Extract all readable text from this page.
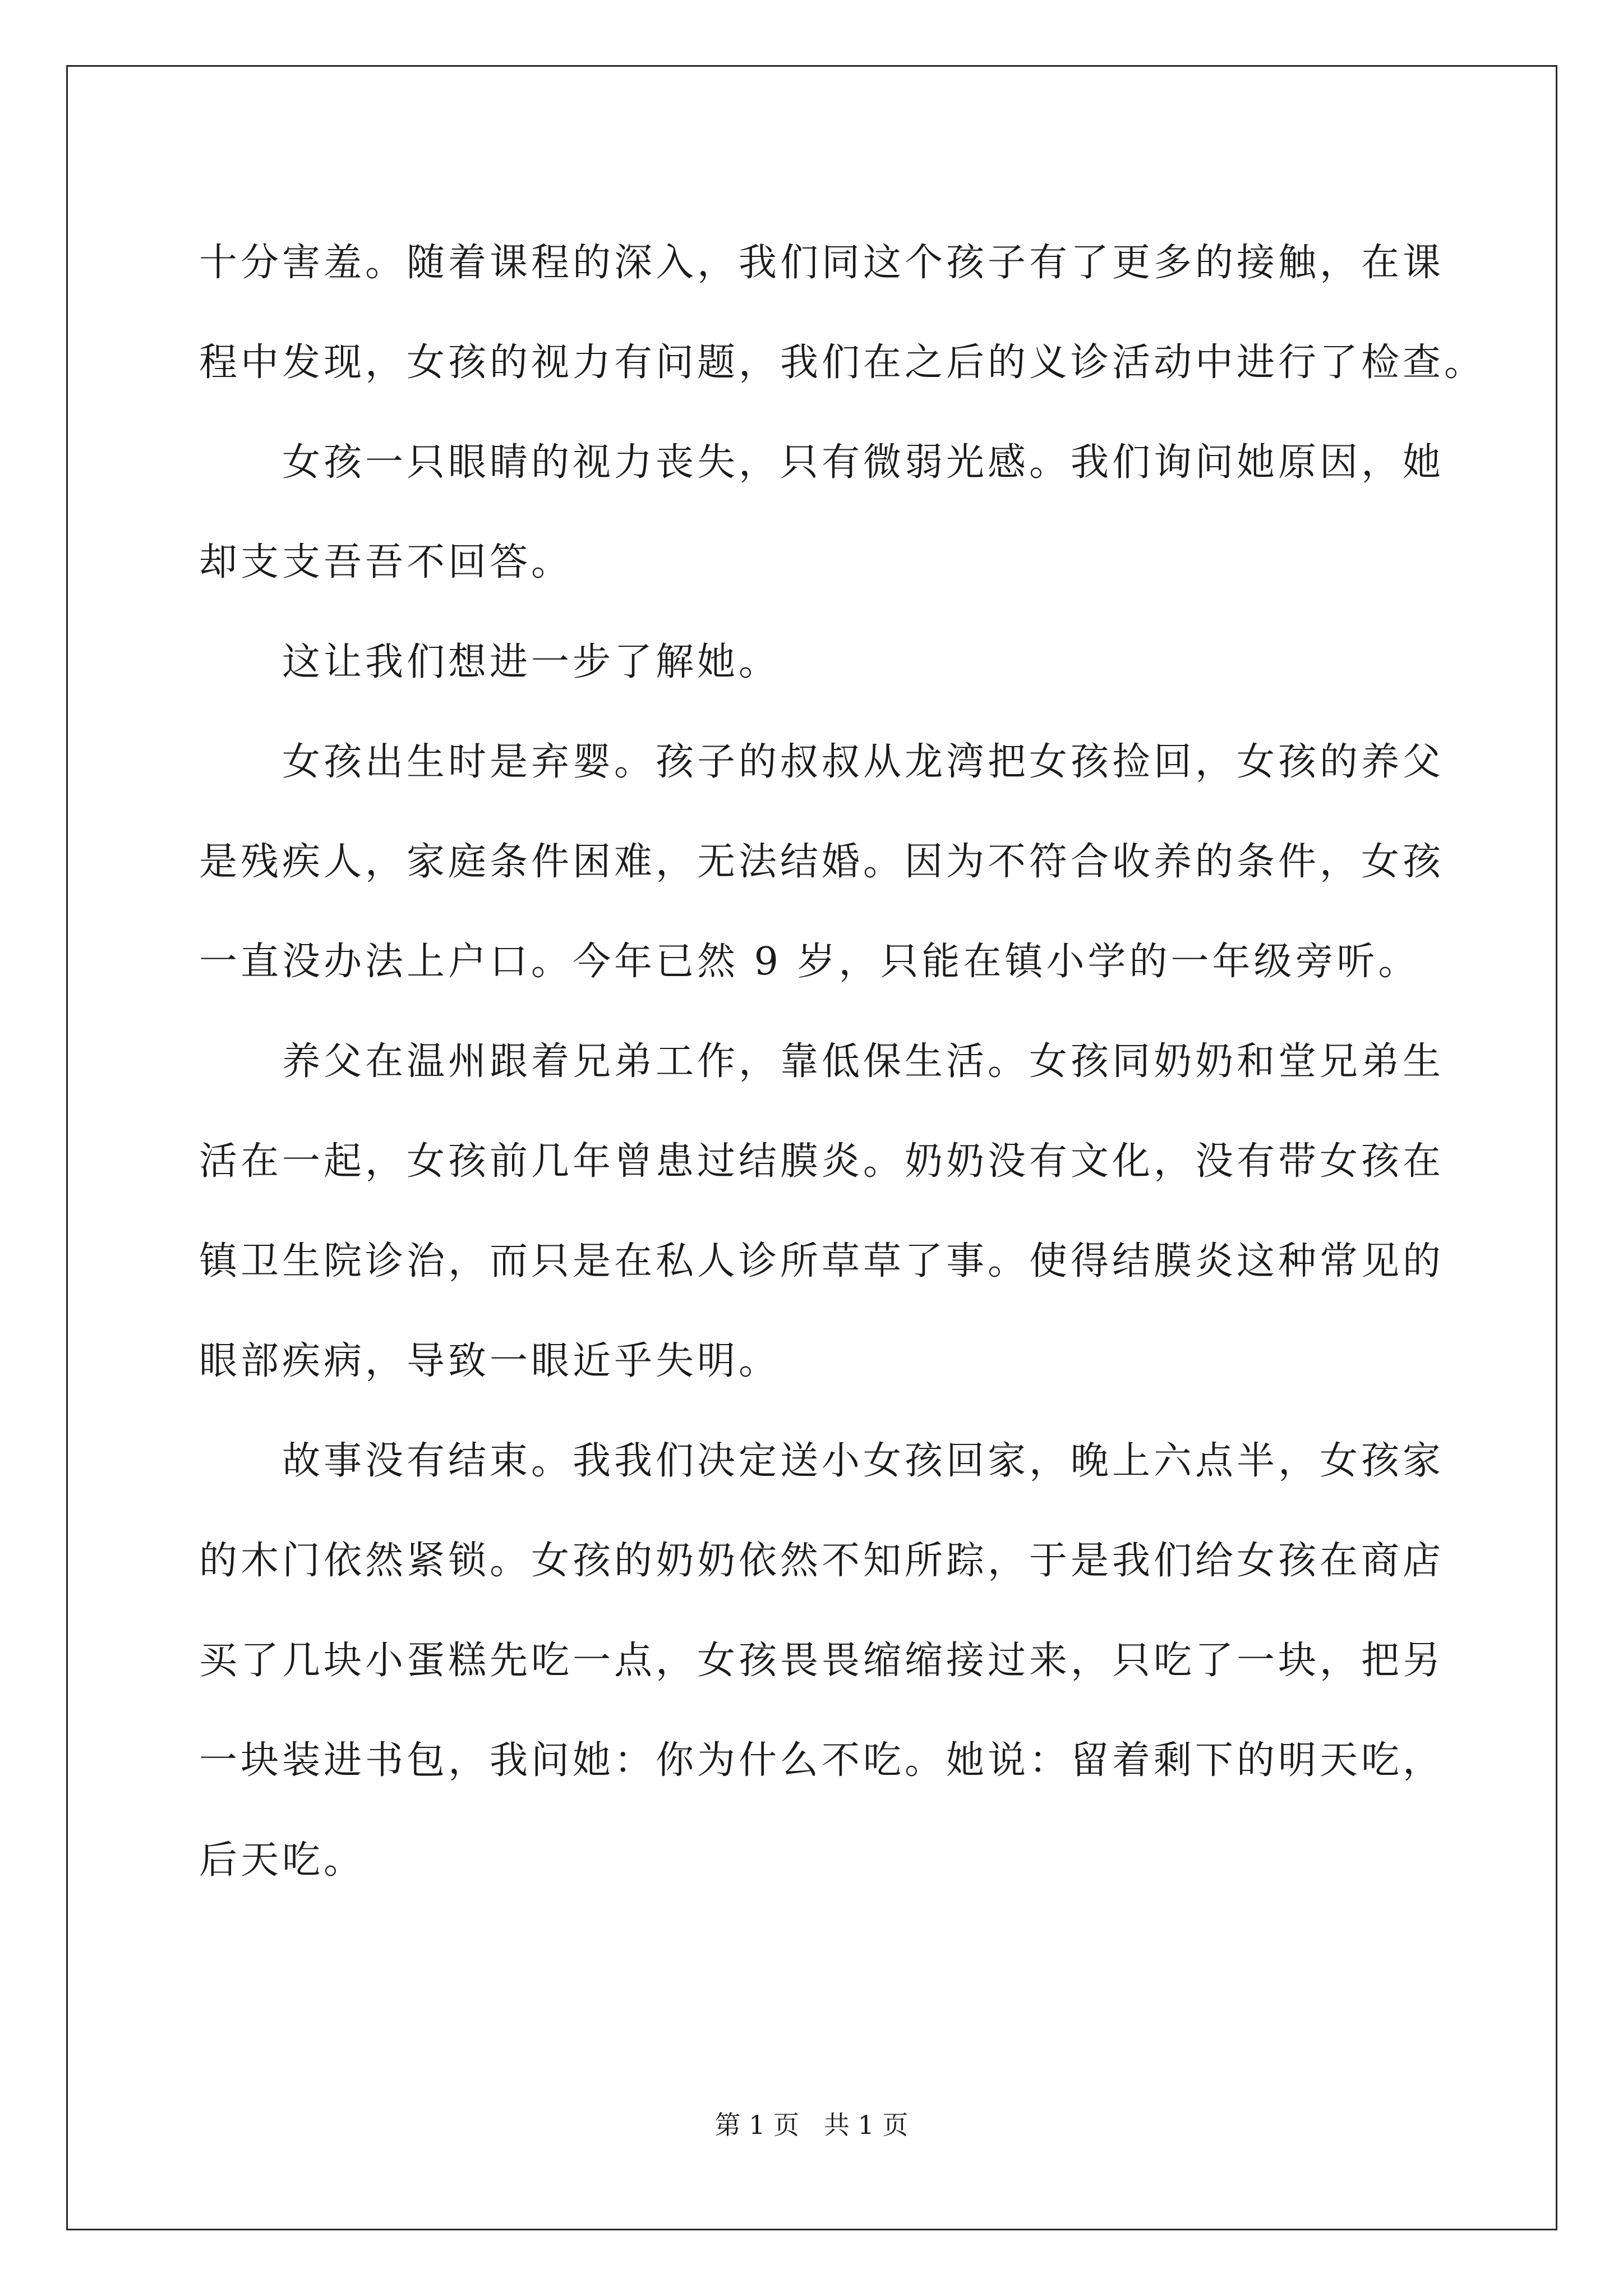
十分害羞。随着课程的深入，我们同这个孩子有了更多的接触，在课
程中发现，女孩的视力有问题，我们在之后的义诊活动中进行了检查。

女孩一只眼睛的视力丧失，只有微弱光感。我们询问她原因，她
却支支吾吾不回答。

这让我们想进一步了解她。

女孩出生时是弃婴。孩子的叔叔从龙湾把女孩捡回，女孩的养父
是残疾人，家庭条件困难，无法结婚。因为不符合收养的条件，女孩
一直没办法上户口。今年已然 9 岁，只能在镇小学的一年级旁听。

养父在温州跟着兄弟工作，靠低保生活。女孩同奶奶和堂兄弟生
活在一起，女孩前几年曾患过结膜炎。奶奶没有文化，没有带女孩在
镇卫生院诊治，而只是在私人诊所草草了事。使得结膜炎这种常见的
眼部疾病，导致一眼近乎失明。

故事没有结束。我我们决定送小女孩回家，晚上六点半，女孩家
的木门依然紧锁。女孩的奶奶依然不知所踪，于是我们给女孩在商店
买了几块小蛋糕先吃一点，女孩畏畏缩缩接过来，只吃了一块，把另
一块装进书包，我问她：你为什么不吃。她说：留着剩下的明天吃，
后天吃。

第 1 页   共 1 页
